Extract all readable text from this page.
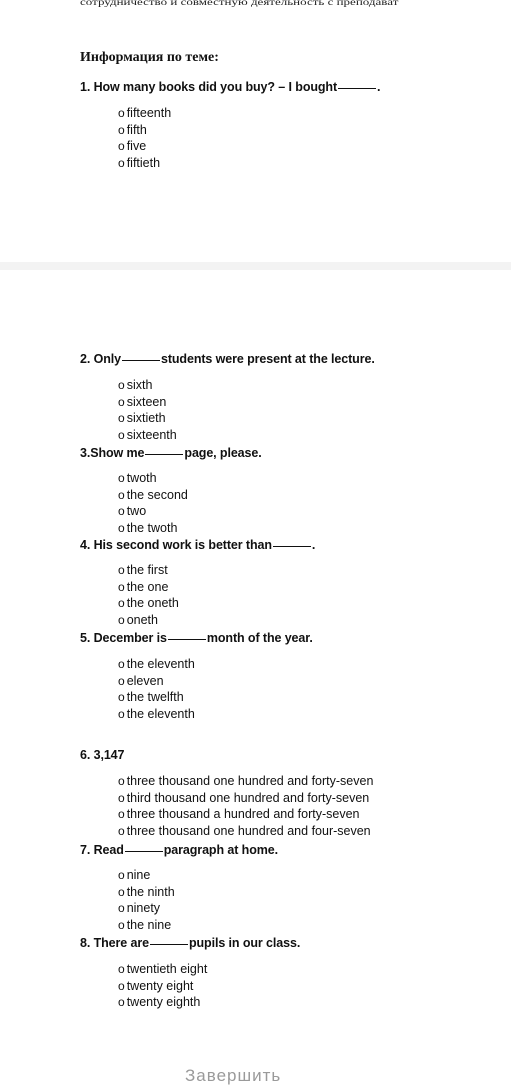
сотрудничество и совместную деятельность с преподават
Информация по теме:
1. How many books did you buy? – I bought	.
o fifteenth
o fifth
o five
o fiftieth
2. Only	students were present at the lecture.
o sixth
o sixteen
o sixtieth
o sixteenth
3.Show me	page, please.
o twoth
o the second
o two
o the twoth
4. His second work is better than	.
o the first
o the one
o the oneth
o oneth
5. December is	month of the year.
o the eleventh
o eleven
o the twelfth
o the eleventh
6. 3,147
o three thousand one hundred and forty-seven
o third thousand one hundred and forty-seven
o three thousand a hundred and forty-seven
o three thousand one hundred and four-seven
7. Read	paragraph at home.
o nine
o the ninth
o ninety
o the nine
8. There are	pupils in our class.
o twentieth eight
o twenty eight
o twenty eighth
Завершить
